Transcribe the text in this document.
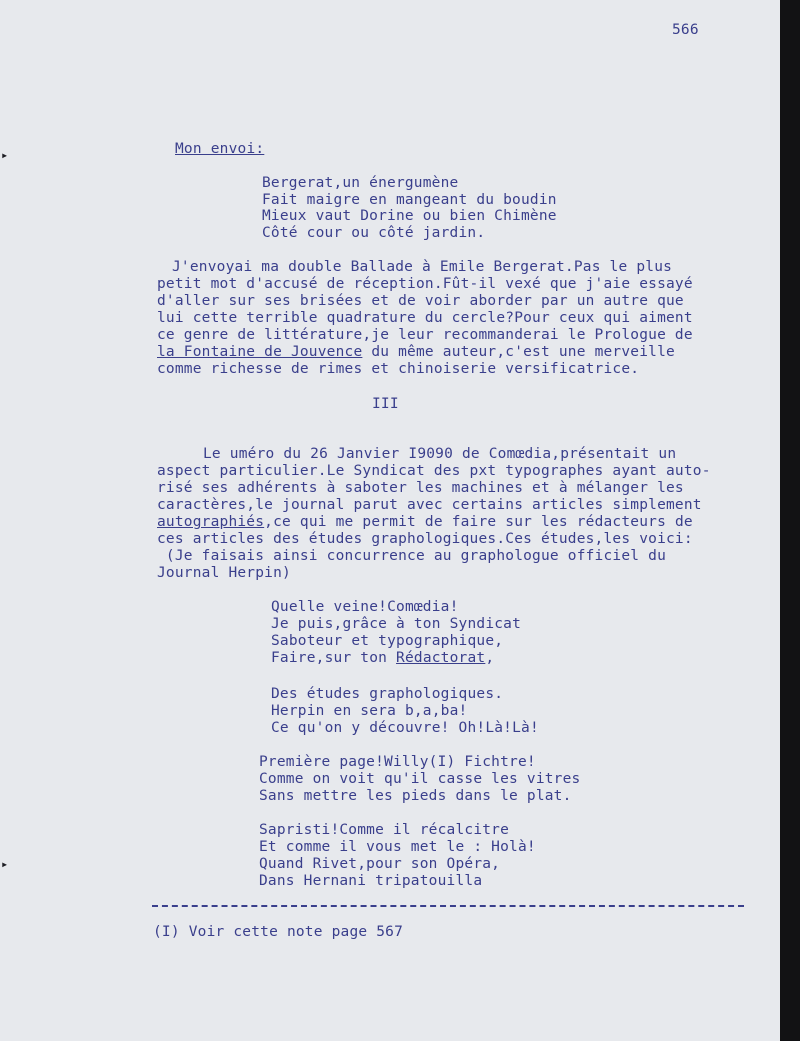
566

Mon envoi:

Bergerat,un énergumène

Fait maigre en mangeant du boudin

Mieux vaut Dorine ou bien Chimène

Côté cour ou côté jardin.

J'envoyai ma double Ballade à Emile Bergerat.Pas le plus

petit mot d'accusé de réception.Fût-il vexé que j'aie essayé

d'aller sur ses brisées et de voir aborder par un autre que

lui cette terrible quadrature du cercle?Pour ceux qui aiment

ce genre de littérature,je leur recommanderai le Prologue de

la Fontaine de Jouvence du même auteur,c'est une merveille

comme richesse de rimes et chinoiserie versificatrice.

III

Le uméro du 26 Janvier I9090 de Comœdia,présentait un

aspect particulier.Le Syndicat des pxt typographes ayant auto-

risé ses adhérents à saboter les machines et à mélanger les

caractères,le journal parut avec certains articles simplement

autographiés,ce qui me permit de faire sur les rédacteurs de

ces articles des études graphologiques.Ces études,les voici:

(Je faisais ainsi concurrence au graphologue officiel du

Journal Herpin)

Quelle veine!Comœdia!

Je puis,grâce à ton Syndicat

Saboteur et typographique,

Faire,sur ton Rédactorat,

Des études graphologiques.

Herpin en sera b,a,ba!

Ce qu'on y découvre! Oh!Là!Là!

Première page!Willy(I) Fichtre!

Comme on voit qu'il casse les vitres

Sans mettre les pieds dans le plat.

Sapristi!Comme il récalcitre

Et comme il vous met le : Holà!

Quand Rivet,pour son Opéra,

Dans Hernani tripatouilla

(I) Voir cette note page 567

▸
▸
